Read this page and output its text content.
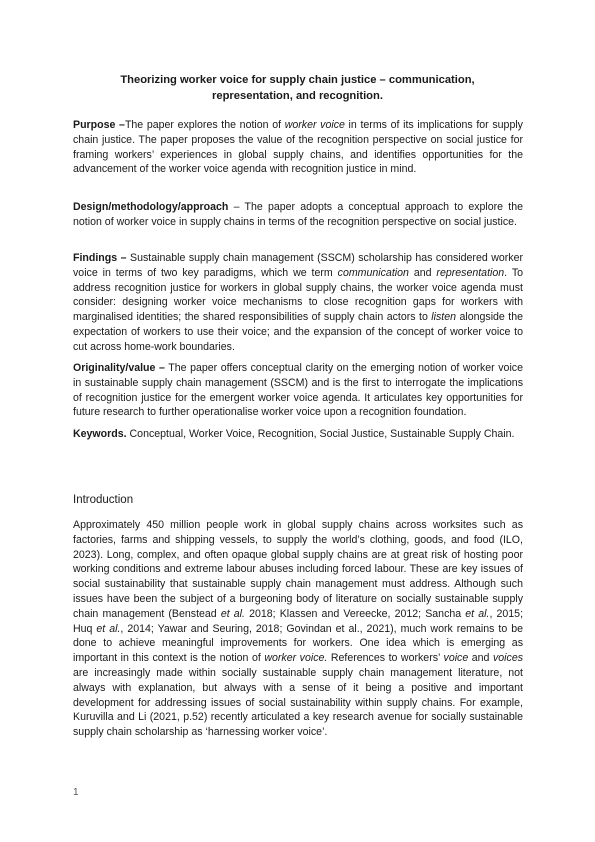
Theorizing worker voice for supply chain justice – communication,
representation, and recognition.

Purpose –The paper explores the notion of worker voice in terms of its implications for supply chain justice. The paper proposes the value of the recognition perspective on social justice for framing workers’ experiences in global supply chains, and identifies opportunities for the advancement of the worker voice agenda with recognition justice in mind.

Design/methodology/approach – The paper adopts a conceptual approach to explore the notion of worker voice in supply chains in terms of the recognition perspective on social justice.

Findings – Sustainable supply chain management (SSCM) scholarship has considered worker voice in terms of two key paradigms, which we term communication and representation. To address recognition justice for workers in global supply chains, the worker voice agenda must consider: designing worker voice mechanisms to close recognition gaps for workers with marginalised identities; the shared responsibilities of supply chain actors to listen alongside the expectation of workers to use their voice; and the expansion of the concept of worker voice to cut across home-work boundaries.

Originality/value – The paper offers conceptual clarity on the emerging notion of worker voice in sustainable supply chain management (SSCM) and is the first to interrogate the implications of recognition justice for the emergent worker voice agenda. It articulates key opportunities for future research to further operationalise worker voice upon a recognition foundation.

Keywords. Conceptual, Worker Voice, Recognition, Social Justice, Sustainable Supply Chain.

Introduction

Approximately 450 million people work in global supply chains across worksites such as factories, farms and shipping vessels, to supply the world’s clothing, goods, and food (ILO, 2023). Long, complex, and often opaque global supply chains are at great risk of hosting poor working conditions and extreme labour abuses including forced labour. These are key issues of social sustainability that sustainable supply chain management must address. Although such issues have been the subject of a burgeoning body of literature on socially sustainable supply chain management (Benstead et al. 2018; Klassen and Vereecke, 2012; Sancha et al., 2015; Huq et al., 2014; Yawar and Seuring, 2018; Govindan et al., 2021), much work remains to be done to achieve meaningful improvements for workers. One idea which is emerging as important in this context is the notion of worker voice. References to workers’ voice and voices are increasingly made within socially sustainable supply chain management literature, not always with explanation, but always with a sense of it being a positive and important development for addressing issues of social sustainability within supply chains. For example, Kuruvilla and Li (2021, p.52) recently articulated a key research avenue for socially sustainable supply chain scholarship as ‘harnessing worker voice’.

1
